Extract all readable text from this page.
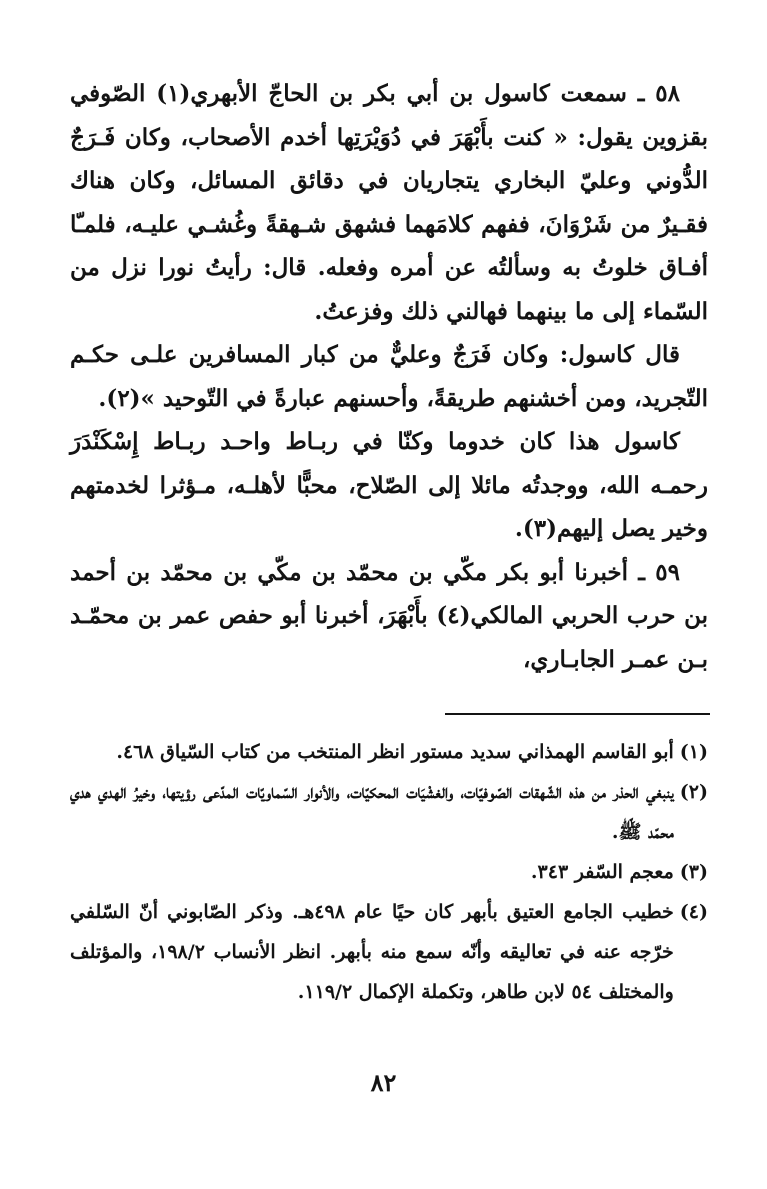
٥٨ ـ سمعت كاسول بن أبي بكر بن الحاجّ الأبهري(١) الصّوفي بقزوين يقول: « كنت بأَبْهَرَ في دُوَيْرَتِها أخدم الأصحاب، وكان فَـرَجٌ الدُّوني وعليّ البخاري يتجاريان في دقائق المسائل، وكان هناك فقـيرٌ من شَرْوَانَ، ففهم كلامَهما فشهق شـهقةً وغُشـي عليـه، فلمـّا أفـاق خلوتُ به وسألتُه عن أمره وفعله. قال: رأيتُ نورا نزل من السّماء إلى ما بينهما فهالني ذلك وفزعتُ.

قال كاسول: وكان فَرَجٌ وعليٌّ من كبار المسافرين علـى حكـم التّجريد، ومن أخشنهم طريقةً، وأحسنهم عبارةً في التّوحيد »(٢).

كاسول هذا كان خدوما وكنّا في ربـاط واحـد ربـاط إِسْكَنْدَرَ رحمـه الله، ووجدتُه مائلا إلى الصّلاح، محبًّا لأهلـه، مـؤثرا لخدمتهم وخير يصل إليهم(٣).

٥٩ ـ أخبرنا أبو بكر مكّي بن محمّد بن مكّي بن محمّد بن أحمد بن حرب الحربي المالكي(٤) بأَبْهَرَ، أخبرنا أبو حفص عمر بن محمّـد بـن عمـر الجابـاري،

(١)
أبو القاسم الهمذاني سديد مستور انظر المنتخب من كتاب السّياق ٤٦٨.
(٢)
ينبغي الحذر من هذه الشّهقات الصّوفيّات، والغشْيَات المحكيّات، والأنوار السّماويّات المدّعى رؤيتها، وخيرُ الهدي هدي محمّد ﷺ.
(٣)
معجم السّفر ٣٤٣.
(٤)
خطيب الجامع العتيق بأبهر كان حيًا عام ٤٩٨هـ. وذكر الصّابوني أنّ السّلفي خرّجه عنه في تعاليقه وأنّه سمع منه بأبهر. انظر الأنساب ١٩٨/٢، والمؤتلف والمختلف ٥٤ لابن طاهر، وتكملة الإكمال ١١٩/٢.
٨٢
